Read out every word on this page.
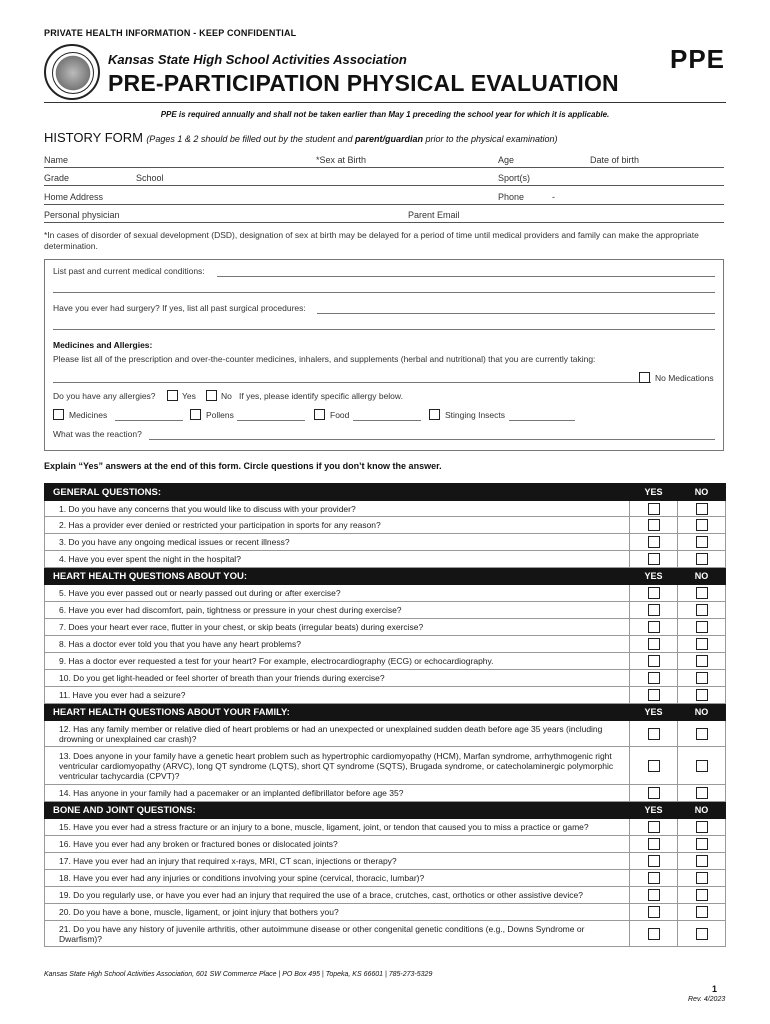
PRIVATE HEALTH INFORMATION - KEEP CONFIDENTIAL
Kansas State High School Activities Association	PPE
PRE-PARTICIPATION PHYSICAL EVALUATION
PPE is required annually and shall not be taken earlier than May 1 preceding the school year for which it is applicable.
HISTORY FORM (Pages 1 & 2 should be filled out by the student and parent/guardian prior to the physical examination)
Name	*Sex at Birth	Age	Date of birth
Grade	School	Sport(s)
Home Address	Phone	-
Personal physician	Parent Email
*In cases of disorder of sexual development (DSD), designation of sex at birth may be delayed for a period of time until medical providers and family can make the appropriate determination.
List past and current medical conditions:
Have you ever had surgery? If yes, list all past surgical procedures:
Medicines and Allergies:
Please list all of the prescription and over-the-counter medicines, inhalers, and supplements (herbal and nutritional) that you are currently taking:
No Medications
Do you have any allergies?	Yes	No If yes, please identify specific allergy below.
Medicines	Pollens	Food	Stinging Insects
What was the reaction?
Explain “Yes” answers at the end of this form. Circle questions if you don’t know the answer.
GENERAL QUESTIONS:	YES	NO
1. Do you have any concerns that you would like to discuss with your provider?		
2. Has a provider ever denied or restricted your participation in sports for any reason?		
3. Do you have any ongoing medical issues or recent illness?		
4. Have you ever spent the night in the hospital?		
HEART HEALTH QUESTIONS ABOUT YOU:	YES	NO
5. Have you ever passed out or nearly passed out during or after exercise?		
6. Have you ever had discomfort, pain, tightness or pressure in your chest during exercise?		
7. Does your heart ever race, flutter in your chest, or skip beats (irregular beats) during exercise?		
8. Has a doctor ever told you that you have any heart problems?		
9. Has a doctor ever requested a test for your heart? For example, electrocardiography (ECG) or echocardiography.		
10. Do you get light-headed or feel shorter of breath than your friends during exercise?		
11. Have you ever had a seizure?		
HEART HEALTH QUESTIONS ABOUT YOUR FAMILY:	YES	NO
12. Has any family member or relative died of heart problems or had an unexpected or unexplained sudden death before age 35 years (including drowning or unexplained car crash)?		
13. Does anyone in your family have a genetic heart problem such as hypertrophic cardiomyopathy (HCM), Marfan syndrome, arrhythmogenic right ventricular cardiomyopathy (ARVC), long QT syndrome (LQTS), short QT syndrome (SQTS), Brugada syndrome, or catecholaminergic polymorphic ventricular tachycardia (CPVT)?		
14. Has anyone in your family had a pacemaker or an implanted defibrillator before age 35?		
BONE AND JOINT QUESTIONS:	YES	NO
15. Have you ever had a stress fracture or an injury to a bone, muscle, ligament, joint, or tendon that caused you to miss a practice or game?		
16. Have you ever had any broken or fractured bones or dislocated joints?		
17. Have you ever had an injury that required x-rays, MRI, CT scan, injections or therapy?		
18. Have you ever had any injuries or conditions involving your spine (cervical, thoracic, lumbar)?		
19. Do you regularly use, or have you ever had an injury that required the use of a brace, crutches, cast, orthotics or other assistive device?		
20. Do you have a bone, muscle, ligament, or joint injury that bothers you?		
21. Do you have any history of juvenile arthritis, other autoimmune disease or other congenital genetic conditions (e.g., Downs Syndrome or Dwarfism)?		
Kansas State High School Activities Association, 601 SW Commerce Place | PO Box 495 | Topeka, KS 66601 | 785-273-5329
1
Rev. 4/2023
